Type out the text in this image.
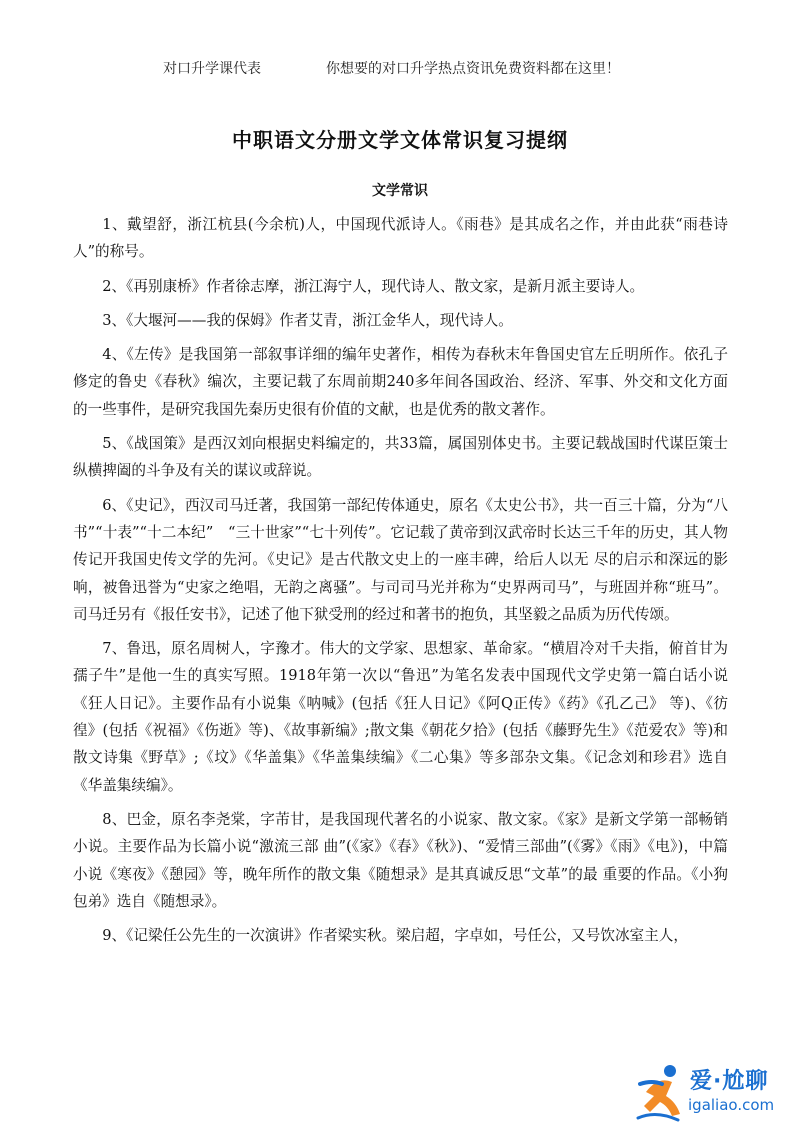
对口升学课代表	你想要的对口升学热点资讯免费资料都在这里！
中职语文分册文学文体常识复习提纲
文学常识

1、戴望舒，浙江杭县(今余杭)人，中国现代派诗人。《雨巷》是其成名之作，并由此获“雨巷诗人”的称号。

2、《再别康桥》作者徐志摩，浙江海宁人，现代诗人、散文家，是新月派主要诗人。

3、《大堰河——我的保姆》作者艾青，浙江金华人，现代诗人。

4、《左传》是我国第一部叙事详细的编年史著作，相传为春秋末年鲁国史官左丘明所作。依孔子修定的鲁史《春秋》编次，主要记载了东周前期240多年间各国政治、经济、军事、外交和文化方面的一些事件，是研究我国先秦历史很有价值的文献，也是优秀的散文著作。

5、《战国策》是西汉刘向根据史料编定的，共33篇，属国别体史书。主要记载战国时代谋臣策士纵横捭阖的斗争及有关的谋议或辞说。

6、《史记》，西汉司马迁著，我国第一部纪传体通史，原名《太史公书》，共一百三十篇，分为“八书”“十表”“十二本纪”　“三十世家”“七十列传”。它记载了黄帝到汉武帝时长达三千年的历史，其人物传记开我国史传文学的先河。《史记》是古代散文史上的一座丰碑，给后人以无 尽的启示和深远的影响，被鲁迅誉为“史家之绝唱，无韵之离骚”。与司司马光并称为“史界两司马”，与班固并称“班马”。司马迁另有《报任安书》，记述了他下狱受刑的经过和著书的抱负，其坚毅之品质为历代传颂。

7、鲁迅，原名周树人，字豫才。伟大的文学家、思想家、革命家。“横眉冷对千夫指，俯首甘为孺子牛”是他一生的真实写照。1918年第一次以“鲁迅”为笔名发表中国现代文学史第一篇白话小说《狂人日记》。主要作品有小说集《呐喊》(包括《狂人日记》《阿Q正传》《药》《孔乙己》 等)、《彷徨》(包括《祝福》《伤逝》等)、《故事新编》;散文集《朝花夕拾》(包括《藤野先生》《范爱农》等)和散文诗集《野草》;《坟》《华盖集》《华盖集续编》《二心集》等多部杂文集。《记念刘和珍君》选自《华盖集续编》。

8、巴金，原名李尧棠，字芾甘，是我国现代著名的小说家、散文家。《家》是新文学第一部畅销小说。主要作品为长篇小说“激流三部 曲”(《家》《春》《秋》)、“爱情三部曲”(《雾》《雨》《电》)，中篇小说《寒夜》《憩园》等，晚年所作的散文集《随想录》是其真诚反思“文革”的最 重要的作品。《小狗包弟》选自《随想录》。

9、《记梁任公先生的一次演讲》作者梁实秋。梁启超，字卓如，号任公，又号饮冰室主人，

爱·尬聊
igaliao.com
